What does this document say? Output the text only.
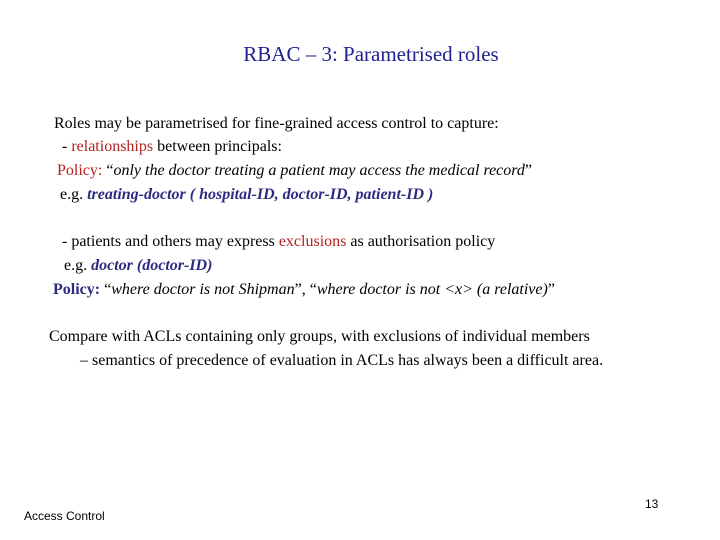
RBAC – 3: Parametrised roles
Roles may be parametrised for fine-grained access control to capture:
- relationships between principals:
Policy: “only the doctor treating a patient may access the medical record”
e.g. treating-doctor ( hospital-ID, doctor-ID, patient-ID )
- patients and others may express exclusions as authorisation policy
e.g. doctor (doctor-ID)
Policy: “where doctor is not Shipman”, “where doctor is not <x> (a relative)”
Compare with ACLs containing only groups, with exclusions of individual members
– semantics of precedence of evaluation in ACLs has always been a difficult area.
Access Control
13
